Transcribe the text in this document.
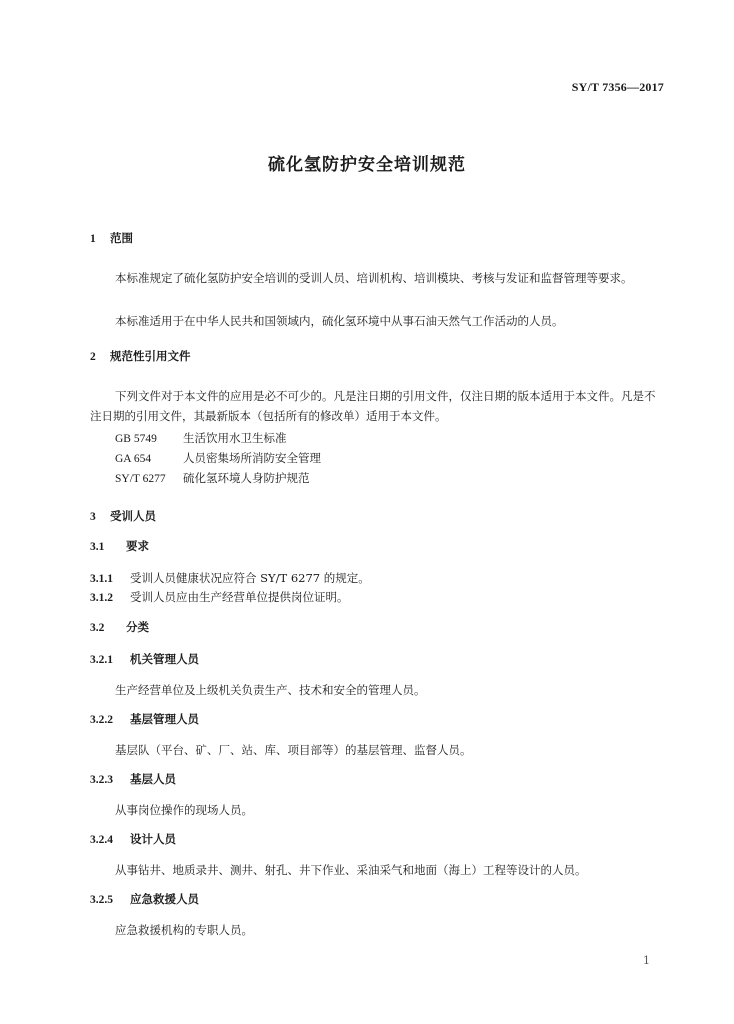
SY/T 7356—2017
硫化氢防护安全培训规范
1 范围
本标准规定了硫化氢防护安全培训的受训人员、培训机构、培训模块、考核与发证和监督管理等要求。
本标准适用于在中华人民共和国领域内，硫化氢环境中从事石油天然气工作活动的人员。
2 规范性引用文件
下列文件对于本文件的应用是必不可少的。凡是注日期的引用文件，仅注日期的版本适用于本文件。凡是不注日期的引用文件，其最新版本（包括所有的修改单）适用于本文件。
GB 5749 生活饮用水卫生标准
GA 654	人员密集场所消防安全管理
SY/T 6277 硫化氢环境人身防护规范
3 受训人员
3.1 要求
3.1.1 受训人员健康状况应符合 SY/T 6277 的规定。
3.1.2 受训人员应由生产经营单位提供岗位证明。
3.2 分类
3.2.1 机关管理人员
生产经营单位及上级机关负责生产、技术和安全的管理人员。
3.2.2 基层管理人员
基层队（平台、矿、厂、站、库、项目部等）的基层管理、监督人员。
3.2.3 基层人员
从事岗位操作的现场人员。
3.2.4 设计人员
从事钻井、地质录井、测井、射孔、井下作业、采油采气和地面（海上）工程等设计的人员。
3.2.5 应急救援人员
应急救援机构的专职人员。
1
